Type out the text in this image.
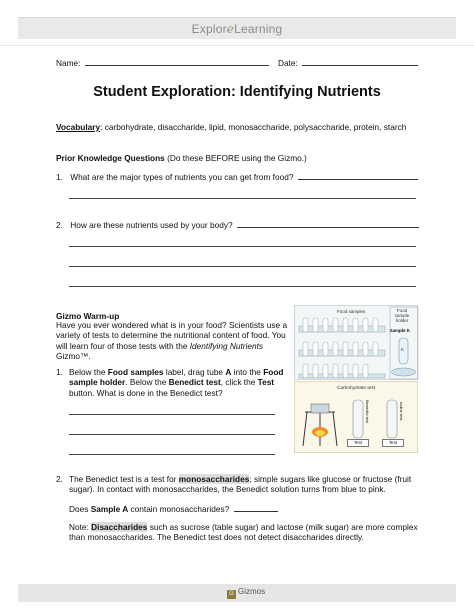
ExploreLearning
Name:	Date:
Student Exploration: Identifying Nutrients
Vocabulary: carbohydrate, disaccharide, lipid, monosaccharide, polysaccharide, protein, starch
Prior Knowledge Questions (Do these BEFORE using the Gizmo.)
1. What are the major types of nutrients you can get from food?
2. How are these nutrients used by your body?
Gizmo Warm-up
Have you ever wondered what is in your food? Scientists use a variety of tests to determine the nutritional content of food. You will learn four of those tests with the Identifying Nutrients Gizmo™.
Food samples	Food sample holder
Sample K
K
Carbohydrate test
Benedict test	Iodine test
Test	Test
1. Below the Food samples label, drag tube A into the Food sample holder. Below the Benedict test, click the Test button. What is done in the Benedict test?
2. The Benedict test is a test for monosaccharides; simple sugars like glucose or fructose (fruit sugar). In contact with monosaccharides, the Benedict solution turns from blue to pink.
Does Sample A contain monosaccharides?
Note: Disaccharides such as sucrose (table sugar) and lactose (milk sugar) are more complex than monosaccharides. The Benedict test does not detect disaccharides directly.
G Gizmos
